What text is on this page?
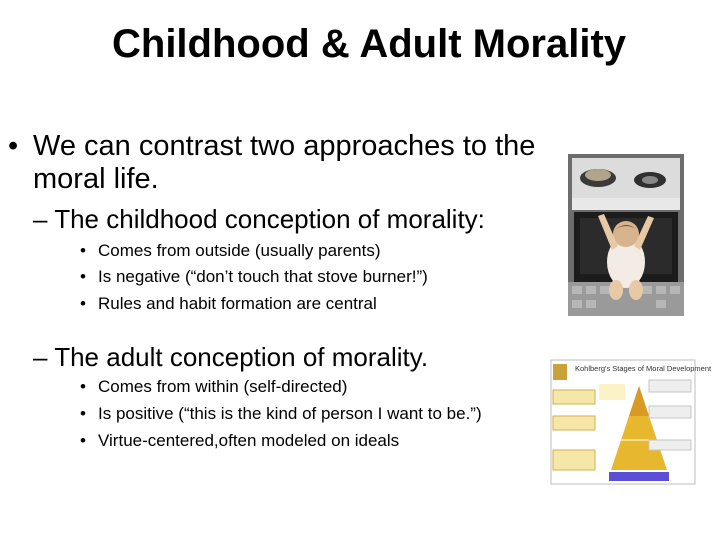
Childhood & Adult Morality
• We can contrast two approaches to the moral life.
– The childhood conception of morality:
• Comes from outside (usually parents)
• Is negative (“don’t touch that stove burner!”)
• Rules and habit formation are central
– The adult conception of morality.
• Comes from within (self-directed)
• Is positive (“this is the kind of person I want to be.”)
• Virtue-centered,often modeled on ideals
Kohlberg's Stages of Moral Development
